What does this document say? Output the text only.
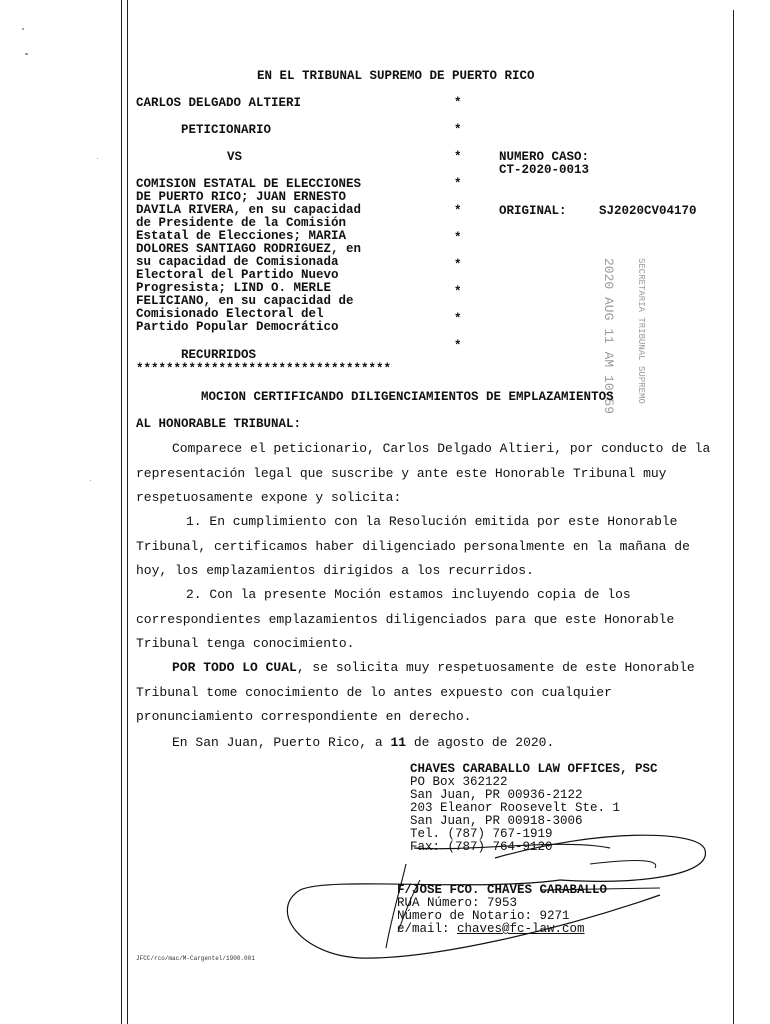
EN EL TRIBUNAL SUPREMO DE PUERTO RICO
CARLOS DELGADO ALTIERI
PETICIONARIO
VS
COMISION ESTATAL DE ELECCIONES
DE PUERTO RICO; JUAN ERNESTO
DAVILA RIVERA, en su capacidad
de Presidente de la Comisión
Estatal de Elecciones; MARIA
DOLORES SANTIAGO RODRIGUEZ, en
su capacidad de Comisionada
Electoral del Partido Nuevo
Progresista; LIND O. MERLE
FELICIANO, en su capacidad de
Comisionado Electoral del
Partido Popular Democrático
RECURRIDOS
**********************************
*
*
*
*
*
*
*
*
*
*
NUMERO CASO:
CT-2020-0013
ORIGINAL:	SJ2020CV04170
2020 AUG 11 AM 10:59 SECRETARIA TRIBUNAL SUPREMO
MOCION CERTIFICANDO DILIGENCIAMIENTOS DE EMPLAZAMIENTOS
AL HONORABLE TRIBUNAL:
Comparece el peticionario, Carlos Delgado Altieri, por conducto de la representación legal que suscribe y ante este Honorable Tribunal muy respetuosamente expone y solicita:
1. En cumplimiento con la Resolución emitida por este Honorable Tribunal, certificamos haber diligenciado personalmente en la mañana de hoy, los emplazamientos dirigidos a los recurridos.
2. Con la presente Moción estamos incluyendo copia de los correspondientes emplazamientos diligenciados para que este Honorable Tribunal tenga conocimiento.
POR TODO LO CUAL, se solicita muy respetuosamente de este Honorable Tribunal tome conocimiento de lo antes expuesto con cualquier pronunciamiento correspondiente en derecho.
En San Juan, Puerto Rico, a 11 de agosto de 2020.
CHAVES CARABALLO LAW OFFICES, PSC
PO Box 362122
San Juan, PR 00936-2122
203 Eleanor Roosevelt Ste. 1
San Juan, PR 00918-3006
Tel. (787) 767-1919
Fax: (787) 764-9120
F/JOSE FCO. CHAVES CARABALLO
RUA Número: 7953
Número de Notario: 9271
e/mail: chaves@fc-law.com
JFCC/rco/mac/M-Cargentel/1900.001
